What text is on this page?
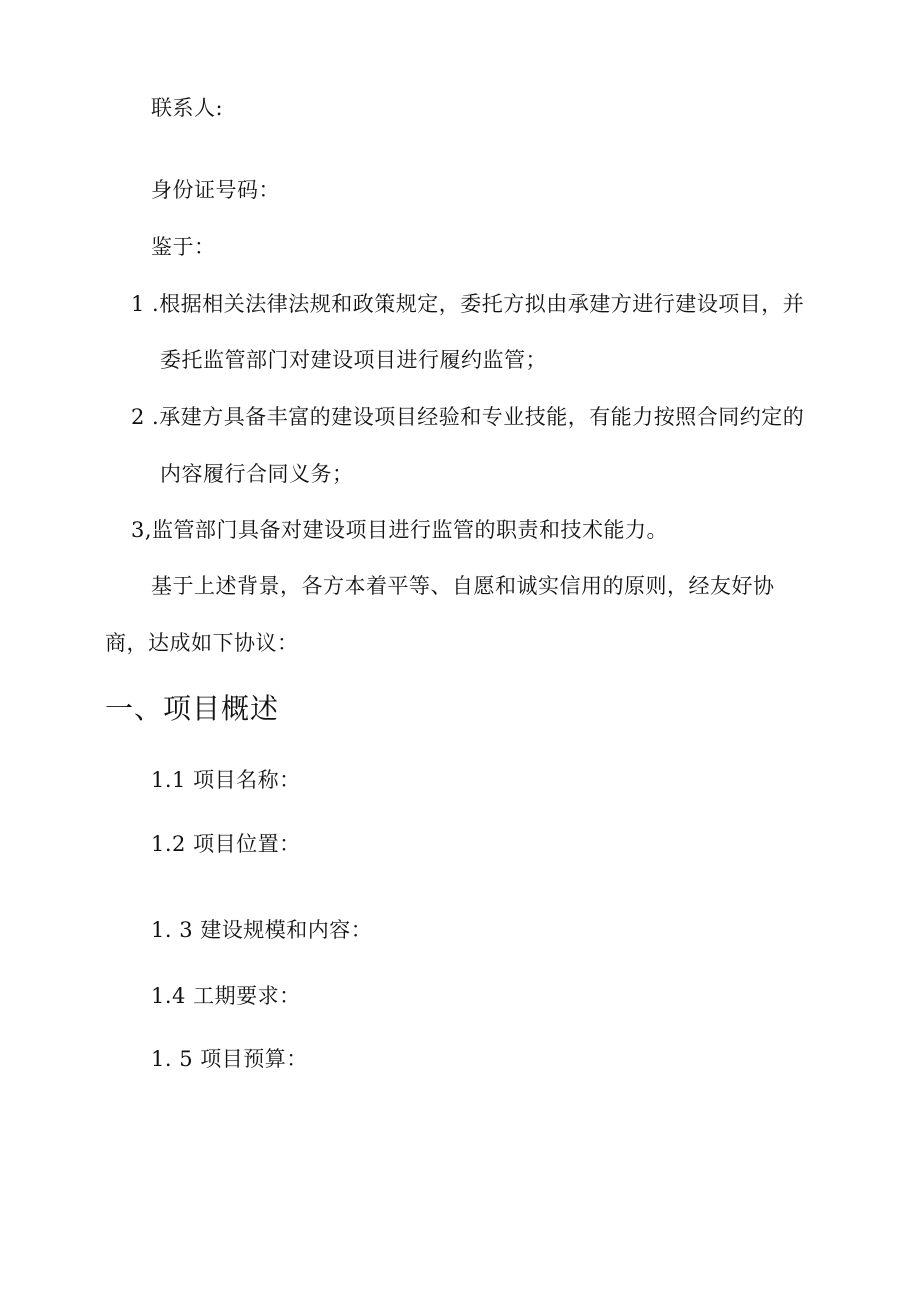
联系人:
身份证号码：
鉴于：
1 .根据相关法律法规和政策规定，委托方拟由承建方进行建设项目，并
委托监管部门对建设项目进行履约监管；
2 .承建方具备丰富的建设项目经验和专业技能，有能力按照合同约定的
内容履行合同义务；
3,监管部门具备对建设项目进行监管的职责和技术能力。
基于上述背景，各方本着平等、自愿和诚实信用的原则，经友好协
商，达成如下协议：
一、项目概述
1.1 项目名称：
1.2 项目位置：
1. 3 建设规模和内容：
1.4 工期要求：
1. 5 项目预算：
